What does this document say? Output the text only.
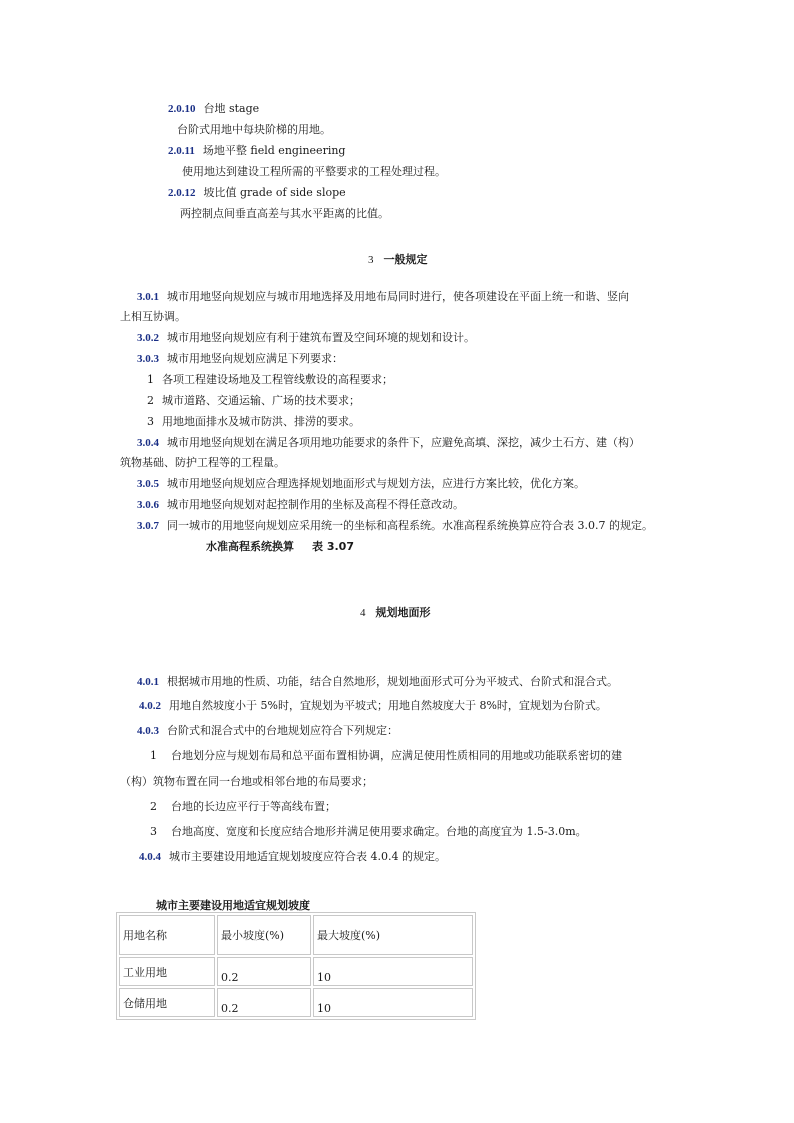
2.0.10 台地 stage
台阶式用地中每块阶梯的用地。
2.0.11 场地平整 field engineering
使用地达到建设工程所需的平整要求的工程处理过程。
2.0.12 坡比值 grade of side slope
两控制点间垂直高差与其水平距离的比值。
3 一般规定
3.0.1 城市用地竖向规划应与城市用地选择及用地布局同时进行，使各项建设在平面上统一和谐、竖向
上相互协调。
3.0.2 城市用地竖向规划应有利于建筑布置及空间环境的规划和设计。
3.0.3 城市用地竖向规划应满足下列要求：
1 各项工程建设场地及工程管线敷设的高程要求；
2 城市道路、交通运输、广场的技术要求；
3 用地地面排水及城市防洪、排涝的要求。
3.0.4 城市用地竖向规划在满足各项用地功能要求的条件下，应避免高填、深挖，减少土石方、建（构）
筑物基础、防护工程等的工程量。
3.0.5 城市用地竖向规划应合理选择规划地面形式与规划方法，应进行方案比较，优化方案。
3.0.6 城市用地竖向规划对起控制作用的坐标及高程不得任意改动。
3.0.7 同一城市的用地竖向规划应采用统一的坐标和高程系统。水准高程系统换算应符合表 3.0.7 的规定。
水准高程系统换算 表 3.07
4 规划地面形
4.0.1 根据城市用地的性质、功能，结合自然地形，规划地面形式可分为平坡式、台阶式和混合式。
4.0.2 用地自然坡度小于 5%时，宜规划为平坡式；用地自然坡度大于 8%时，宜规划为台阶式。
4.0.3 台阶式和混合式中的台地规划应符合下列规定：
1 台地划分应与规划布局和总平面布置相协调，应满足使用性质相同的用地或功能联系密切的建
（构）筑物布置在同一台地或相邻台地的布局要求；
2 台地的长边应平行于等高线布置；
3 台地高度、宽度和长度应结合地形并满足使用要求确定。台地的高度宜为 1.5-3.0m。
4.0.4 城市主要建设用地适宜规划坡度应符合表 4.0.4 的规定。
城市主要建设用地适宜规划坡度
用地名称	最小坡度(%)	最大坡度(%)
工业用地	0.2	10
仓储用地	0.2	10
